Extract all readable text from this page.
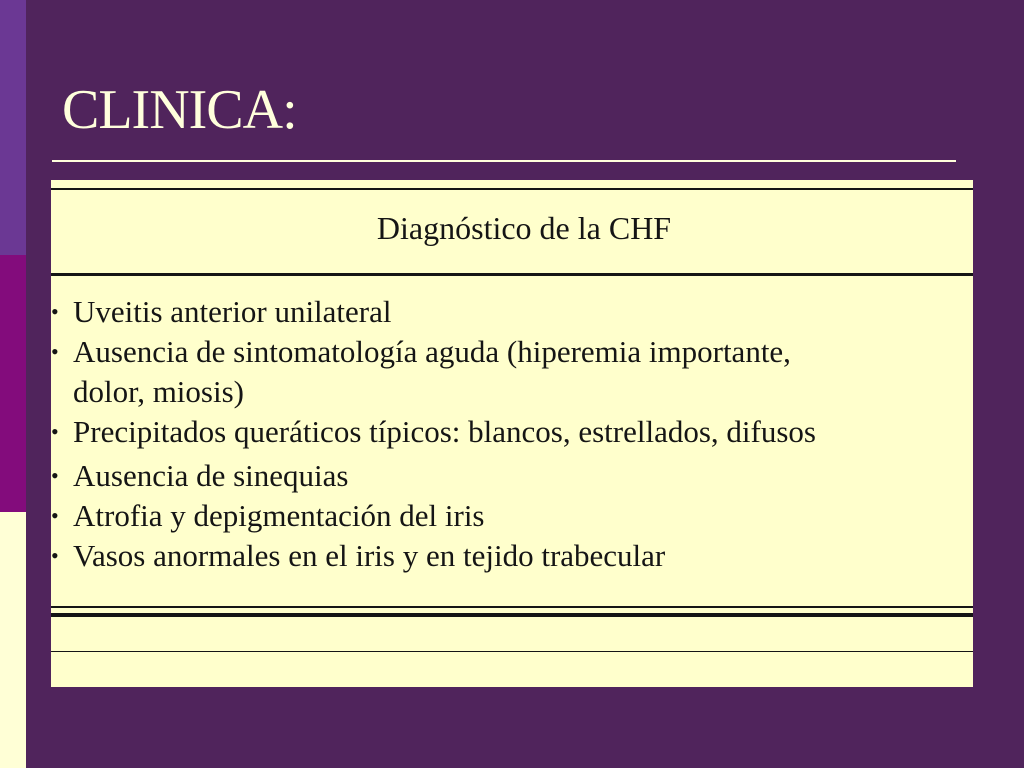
CLINICA:
Diagnóstico de la CHF
• Uveitis anterior unilateral
• Ausencia de sintomatología aguda (hiperemia importante,
dolor, miosis)
• Precipitados queráticos típicos: blancos, estrellados, difusos
• Ausencia de sinequias
• Atrofia y depigmentación del iris
• Vasos anormales en el iris y en tejido trabecular
